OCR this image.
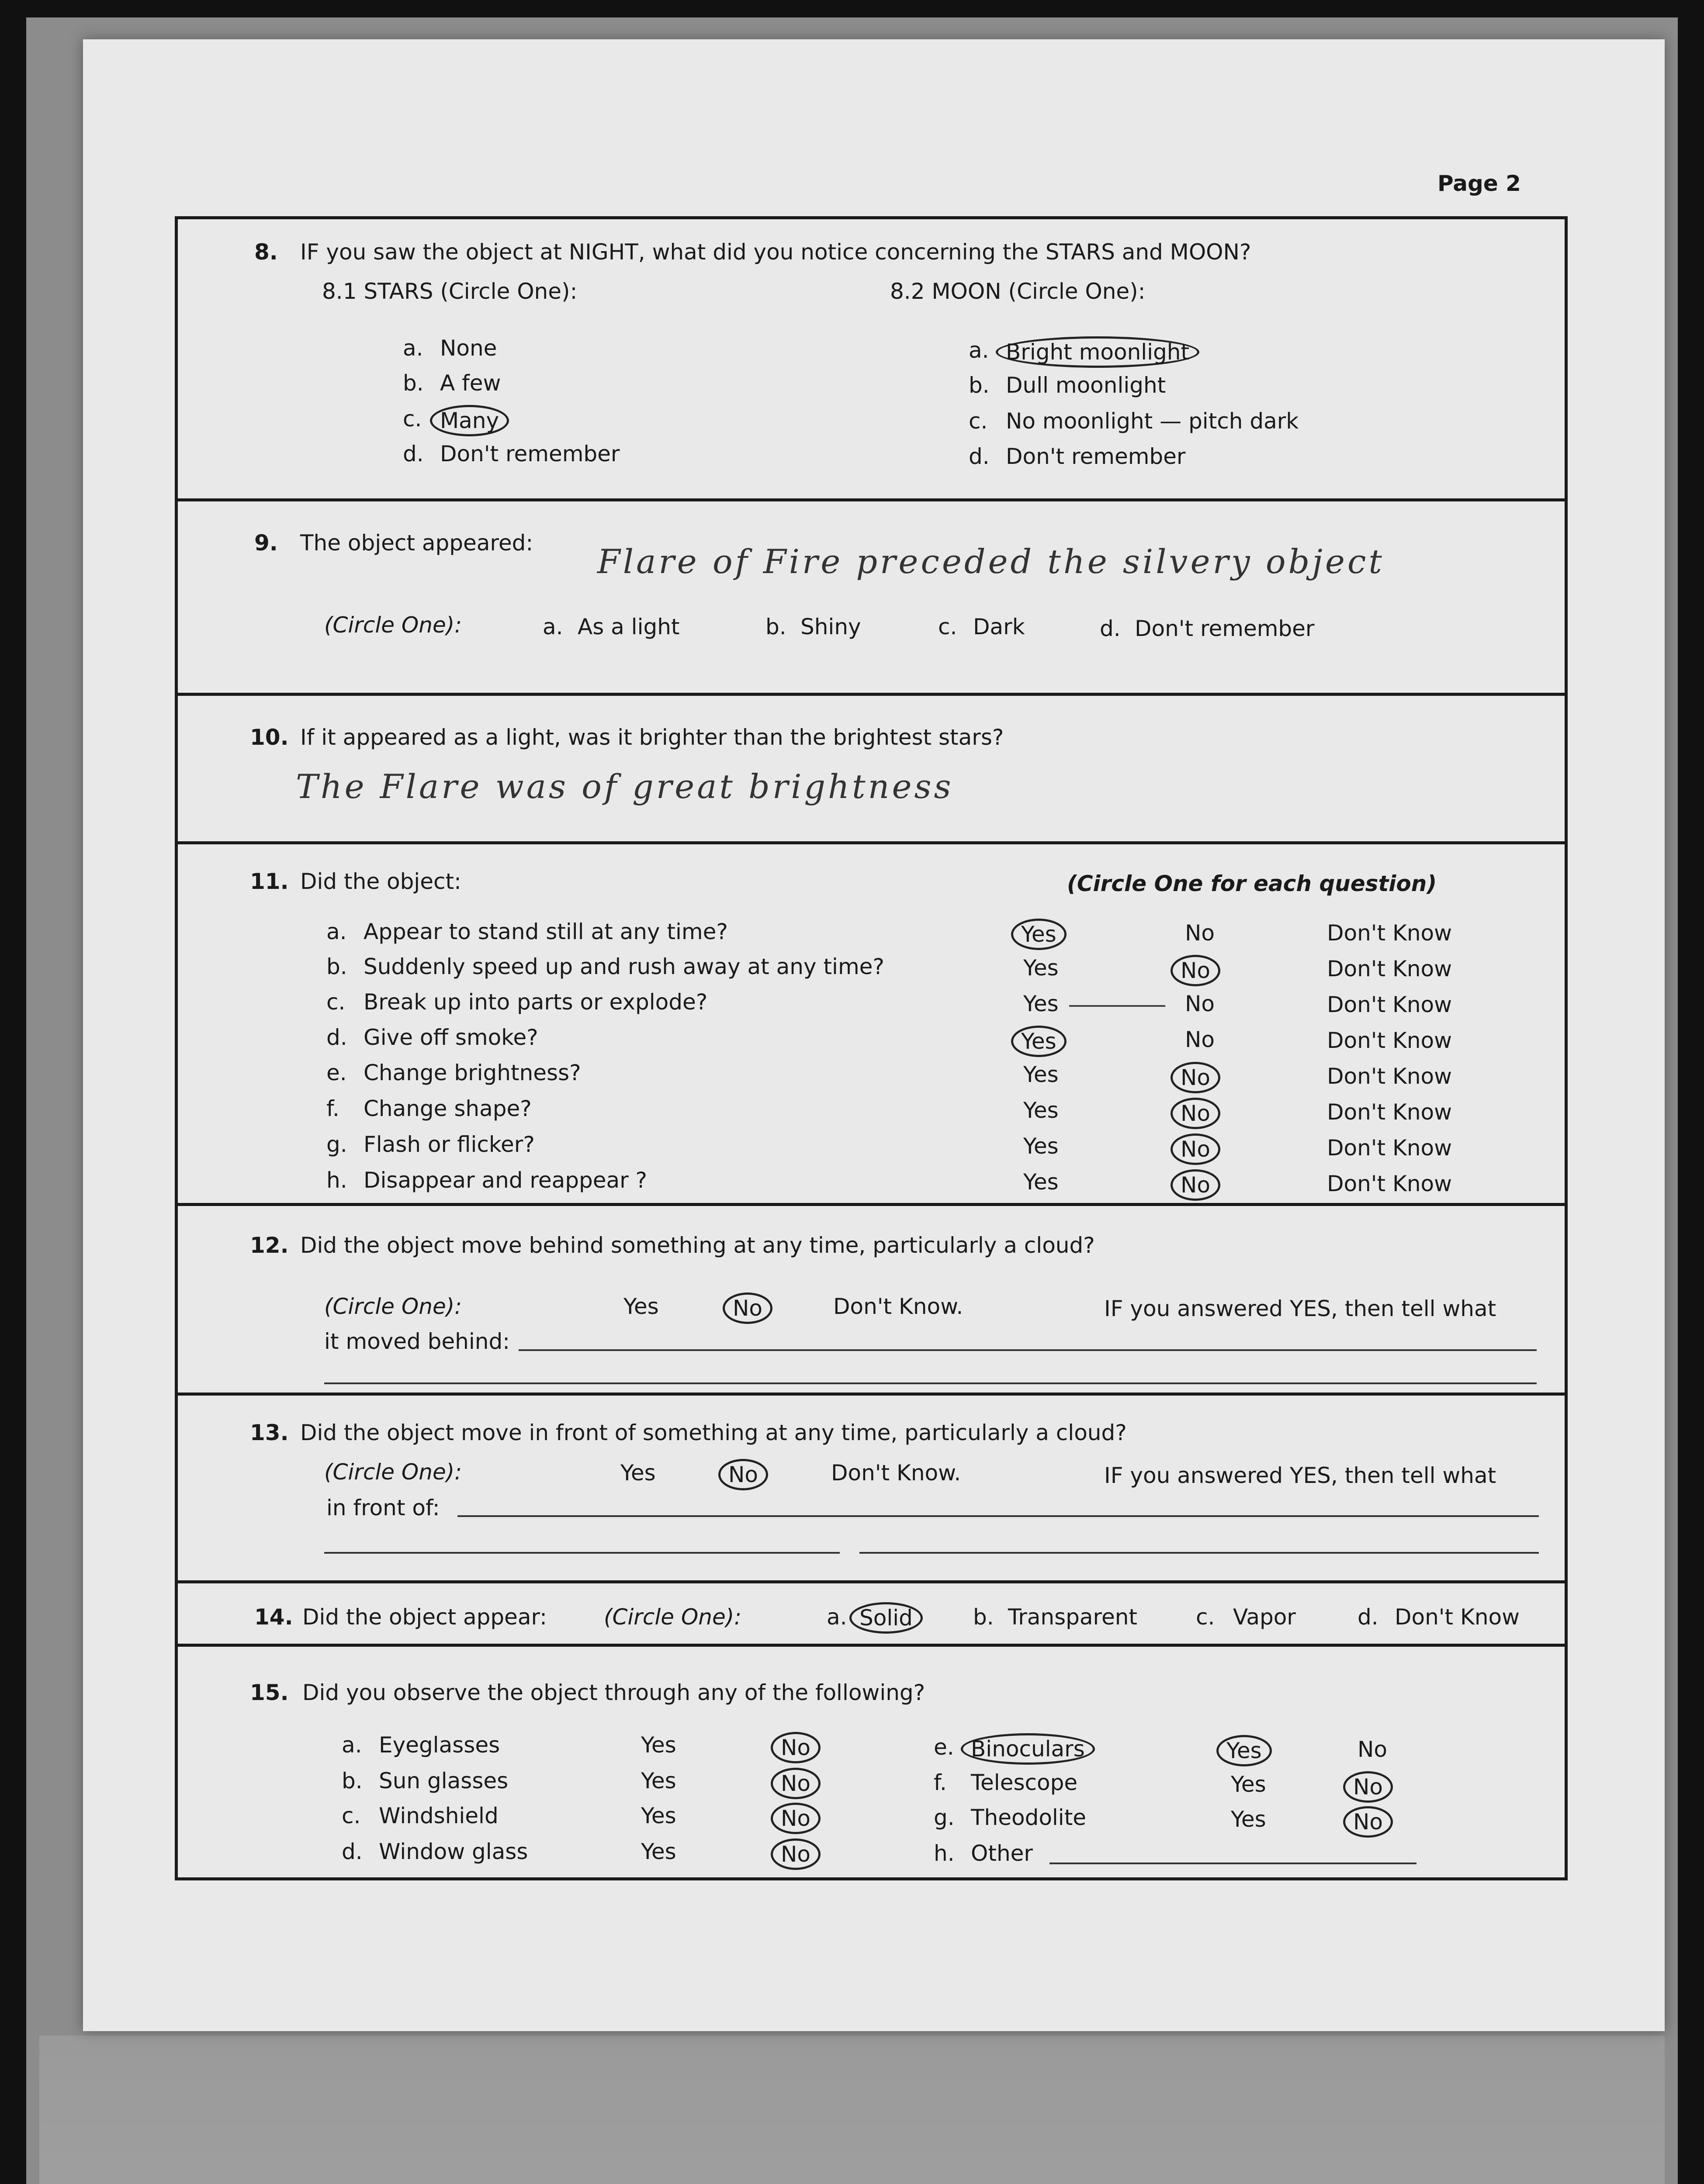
Page 2
8. IF you saw the object at NIGHT, what did you notice concerning the STARS and MOON?
8.1 STARS (Circle One):	8.2 MOON (Circle One):
a. None
b. A few
c. Many
d. Don't remember
a. Bright moonlight
b. Dull moonlight
c. No moonlight — pitch dark
d. Don't remember
9. The object appeared: Flare of Fire preceded the silvery object
(Circle One):	a. As a light	b. Shiny	c. Dark	d. Don't remember
10. If it appeared as a light, was it brighter than the brightest stars?
The Flare was of great brightness
11. Did the object:	(Circle One for each question)
a. Appear to stand still at any time?	Yes	No	Don't Know
b. Suddenly speed up and rush away at any time?	Yes	No	Don't Know
c. Break up into parts or explode?	Yes	No	Don't Know
d. Give off smoke?	Yes	No	Don't Know
e. Change brightness?	Yes	No	Don't Know
f. Change shape?	Yes	No	Don't Know
g. Flash or flicker?	Yes	No	Don't Know
h. Disappear and reappear ?	Yes	No	Don't Know
12. Did the object move behind something at any time, particularly a cloud?
(Circle One):	Yes	No	Don't Know.	IF you answered YES, then tell what
it moved behind:
13. Did the object move in front of something at any time, particularly a cloud?
(Circle One):	Yes	No	Don't Know.	IF you answered YES, then tell what
in front of:
14. Did the object appear:	(Circle One):	a. Solid	b. Transparent	c. Vapor	d. Don't Know
15. Did you observe the object through any of the following?
a. Eyeglasses	Yes	No
b. Sun glasses	Yes	No
c. Windshield	Yes	No
d. Window glass	Yes	No
e. Binoculars	Yes	No
f. Telescope	Yes	No
g. Theodolite	Yes	No
h. Other
